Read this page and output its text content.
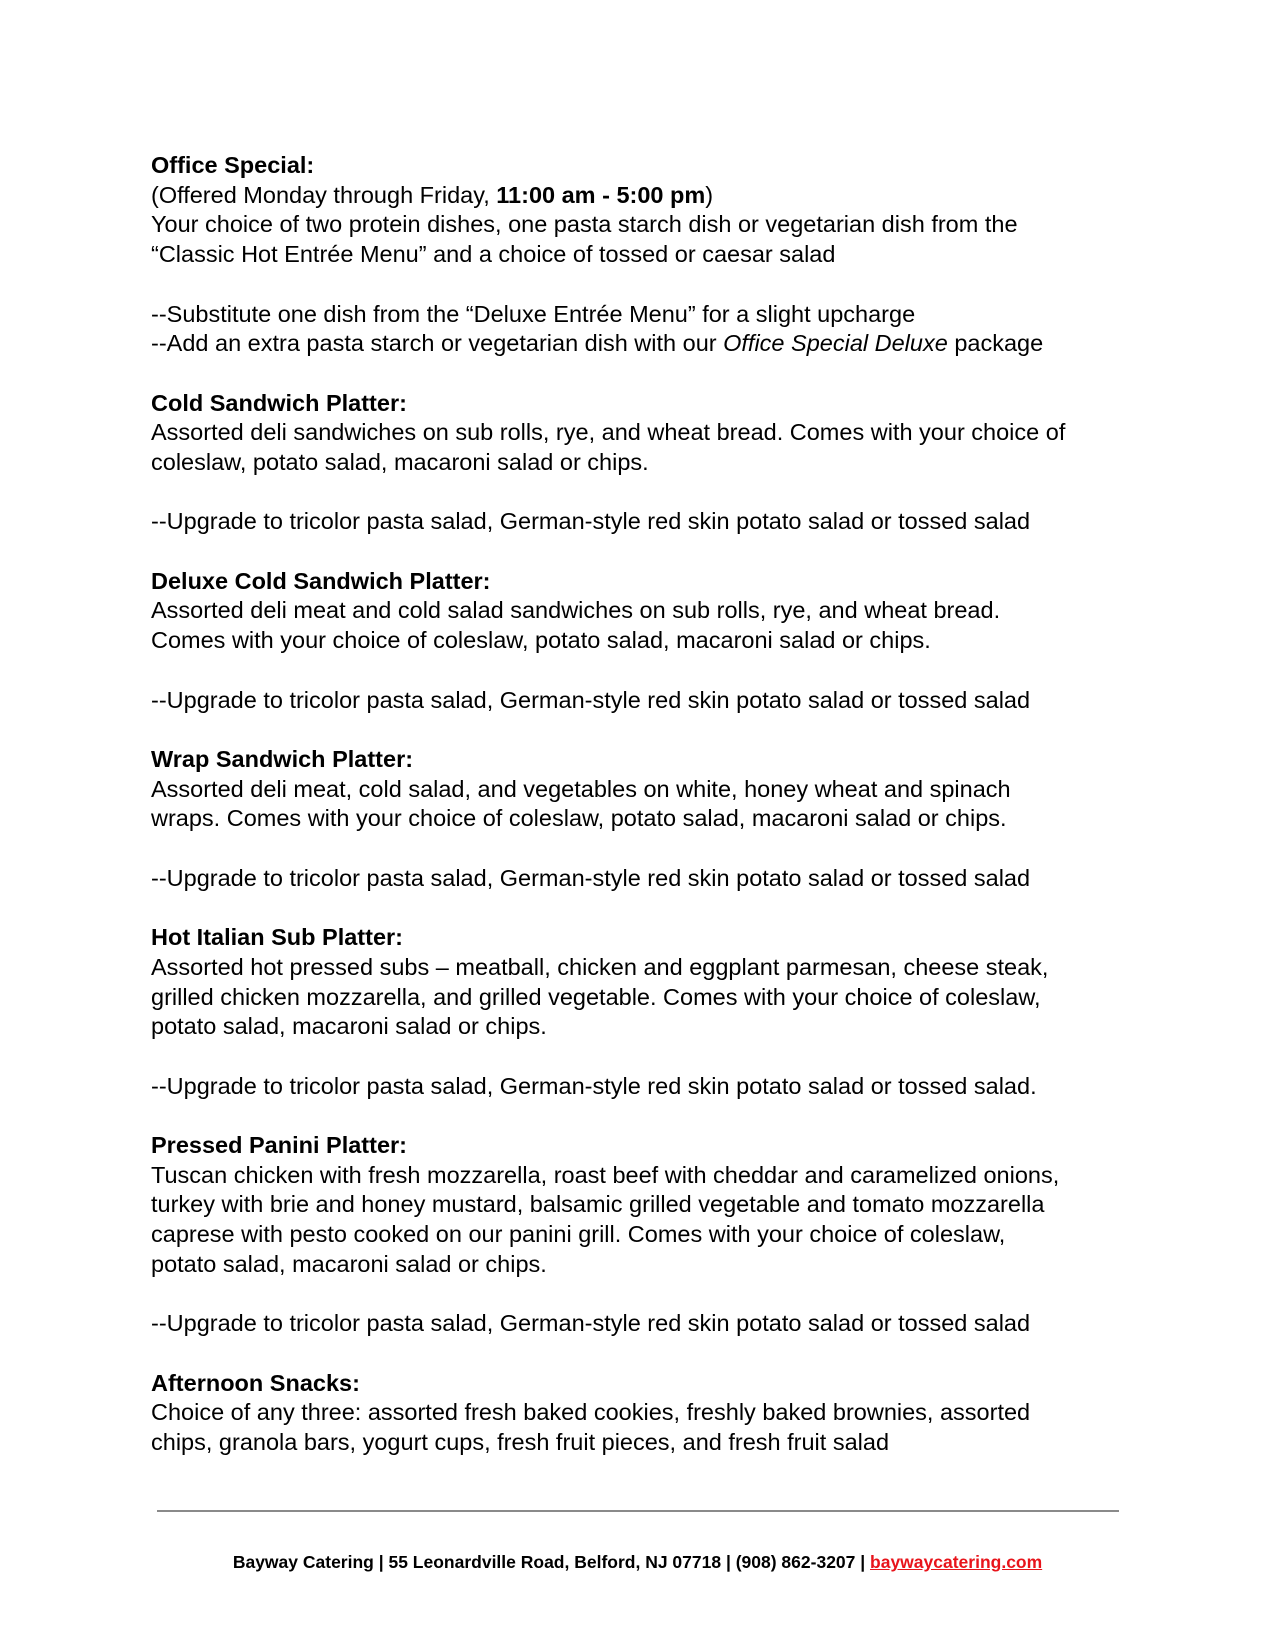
Office Special:
(Offered Monday through Friday, 11:00 am - 5:00 pm)
Your choice of two protein dishes, one pasta starch dish or vegetarian dish from the
“Classic Hot Entrée Menu” and a choice of tossed or caesar salad
--Substitute one dish from the “Deluxe Entrée Menu” for a slight upcharge
--Add an extra pasta starch or vegetarian dish with our Office Special Deluxe package
Cold Sandwich Platter:
Assorted deli sandwiches on sub rolls, rye, and wheat bread. Comes with your choice of
coleslaw, potato salad, macaroni salad or chips.
--Upgrade to tricolor pasta salad, German-style red skin potato salad or tossed salad
Deluxe Cold Sandwich Platter:
Assorted deli meat and cold salad sandwiches on sub rolls, rye, and wheat bread.
Comes with your choice of coleslaw, potato salad, macaroni salad or chips.
--Upgrade to tricolor pasta salad, German-style red skin potato salad or tossed salad
Wrap Sandwich Platter:
Assorted deli meat, cold salad, and vegetables on white, honey wheat and spinach
wraps. Comes with your choice of coleslaw, potato salad, macaroni salad or chips.
--Upgrade to tricolor pasta salad, German-style red skin potato salad or tossed salad
Hot Italian Sub Platter:
Assorted hot pressed subs – meatball, chicken and eggplant parmesan, cheese steak,
grilled chicken mozzarella, and grilled vegetable. Comes with your choice of coleslaw,
potato salad, macaroni salad or chips.
--Upgrade to tricolor pasta salad, German-style red skin potato salad or tossed salad.
Pressed Panini Platter:
Tuscan chicken with fresh mozzarella, roast beef with cheddar and caramelized onions,
turkey with brie and honey mustard, balsamic grilled vegetable and tomato mozzarella
caprese with pesto cooked on our panini grill. Comes with your choice of coleslaw,
potato salad, macaroni salad or chips.
--Upgrade to tricolor pasta salad, German-style red skin potato salad or tossed salad
Afternoon Snacks:
Choice of any three: assorted fresh baked cookies, freshly baked brownies, assorted
chips, granola bars, yogurt cups, fresh fruit pieces, and fresh fruit salad
Bayway Catering | 55 Leonardville Road, Belford, NJ 07718 | (908) 862-3207 | baywaycatering.com
